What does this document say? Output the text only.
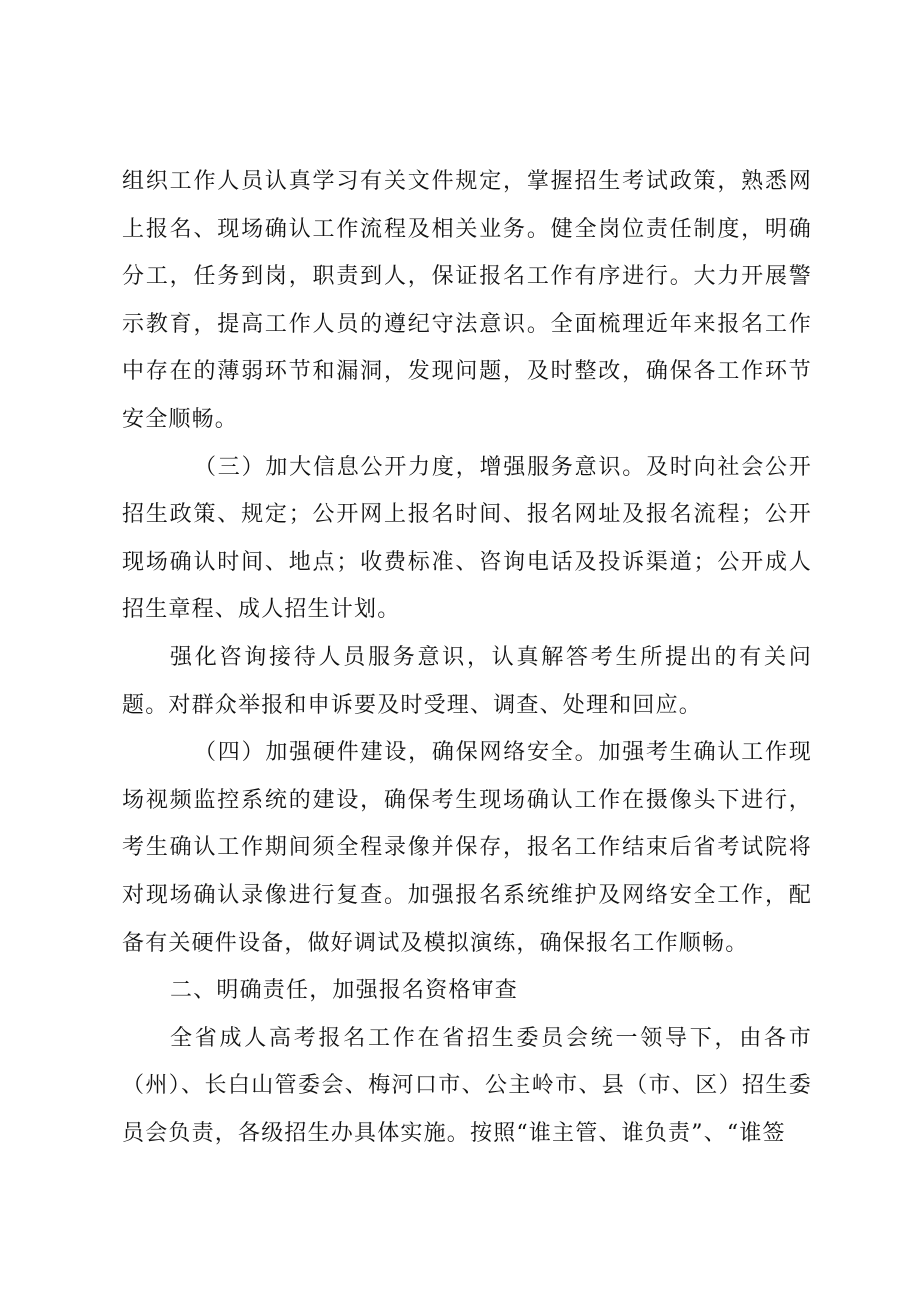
组织工作人员认真学习有关文件规定，掌握招生考试政策，熟悉网上报名、现场确认工作流程及相关业务。健全岗位责任制度，明确分工，任务到岗，职责到人，保证报名工作有序进行。大力开展警示教育，提高工作人员的遵纪守法意识。全面梳理近年来报名工作中存在的薄弱环节和漏洞，发现问题，及时整改，确保各工作环节安全顺畅。

（三）加大信息公开力度，增强服务意识。及时向社会公开招生政策、规定；公开网上报名时间、报名网址及报名流程；公开现场确认时间、地点；收费标准、咨询电话及投诉渠道；公开成人招生章程、成人招生计划。

强化咨询接待人员服务意识，认真解答考生所提出的有关问题。对群众举报和申诉要及时受理、调查、处理和回应。

（四）加强硬件建设，确保网络安全。加强考生确认工作现场视频监控系统的建设，确保考生现场确认工作在摄像头下进行，考生确认工作期间须全程录像并保存，报名工作结束后省考试院将对现场确认录像进行复查。加强报名系统维护及网络安全工作，配备有关硬件设备，做好调试及模拟演练，确保报名工作顺畅。

二、明确责任，加强报名资格审查

全省成人高考报名工作在省招生委员会统一领导下，由各市（州）、长白山管委会、梅河口市、公主岭市、县（市、区）招生委员会负责，各级招生办具体实施。按照“谁主管、谁负责”、“谁签
